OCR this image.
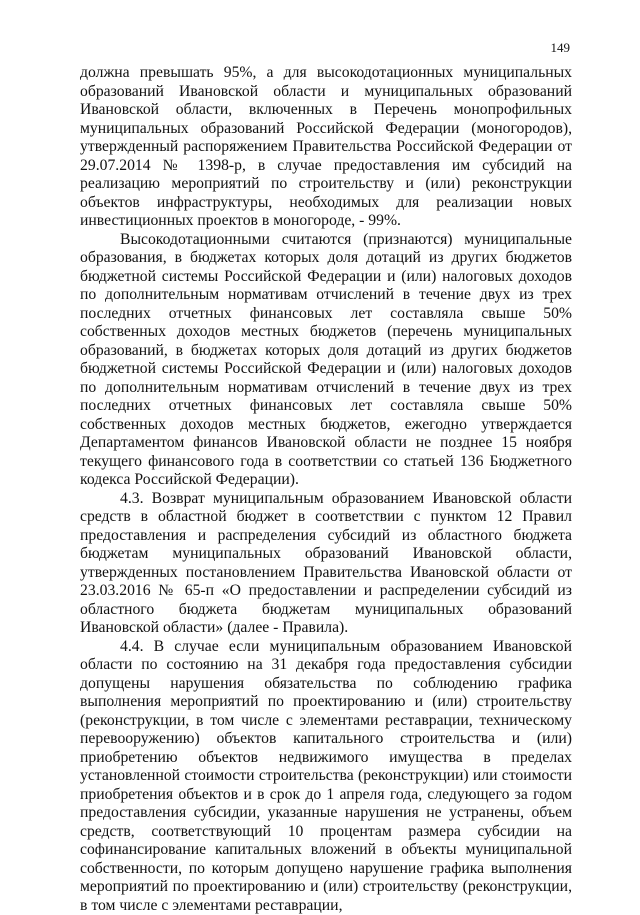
149

должна превышать 95%, а для высокодотационных муниципальных образований Ивановской области и муниципальных образований Ивановской области, включенных в Перечень монопрофильных муниципальных образований Российской Федерации (моногородов), утвержденный распоряжением Правительства Российской Федерации от 29.07.2014 № 1398-р, в случае предоставления им субсидий на реализацию мероприятий по строительству и (или) реконструкции объектов инфраструктуры, необходимых для реализации новых инвестиционных проектов в моногороде, - 99%.

Высокодотационными считаются (признаются) муниципальные образования, в бюджетах которых доля дотаций из других бюджетов бюджетной системы Российской Федерации и (или) налоговых доходов по дополнительным нормативам отчислений в течение двух из трех последних отчетных финансовых лет составляла свыше 50% собственных доходов местных бюджетов (перечень муниципальных образований, в бюджетах которых доля дотаций из других бюджетов бюджетной системы Российской Федерации и (или) налоговых доходов по дополнительным нормативам отчислений в течение двух из трех последних отчетных финансовых лет составляла свыше 50% собственных доходов местных бюджетов, ежегодно утверждается Департаментом финансов Ивановской области не позднее 15 ноября текущего финансового года в соответствии со статьей 136 Бюджетного кодекса Российской Федерации).

4.3. Возврат муниципальным образованием Ивановской области средств в областной бюджет в соответствии с пунктом 12 Правил предоставления и распределения субсидий из областного бюджета бюджетам муниципальных образований Ивановской области, утвержденных постановлением Правительства Ивановской области от 23.03.2016 № 65-п «О предоставлении и распределении субсидий из областного бюджета бюджетам муниципальных образований Ивановской области» (далее - Правила).

4.4. В случае если муниципальным образованием Ивановской области по состоянию на 31 декабря года предоставления субсидии допущены нарушения обязательства по соблюдению графика выполнения мероприятий по проектированию и (или) строительству (реконструкции, в том числе с элементами реставрации, техническому перевооружению) объектов капитального строительства и (или) приобретению объектов недвижимого имущества в пределах установленной стоимости строительства (реконструкции) или стоимости приобретения объектов и в срок до 1 апреля года, следующего за годом предоставления субсидии, указанные нарушения не устранены, объем средств, соответствующий 10 процентам размера субсидии на софинансирование капитальных вложений в объекты муниципальной собственности, по которым допущено нарушение графика выполнения мероприятий по проектированию и (или) строительству (реконструкции, в том числе с элементами реставрации,
